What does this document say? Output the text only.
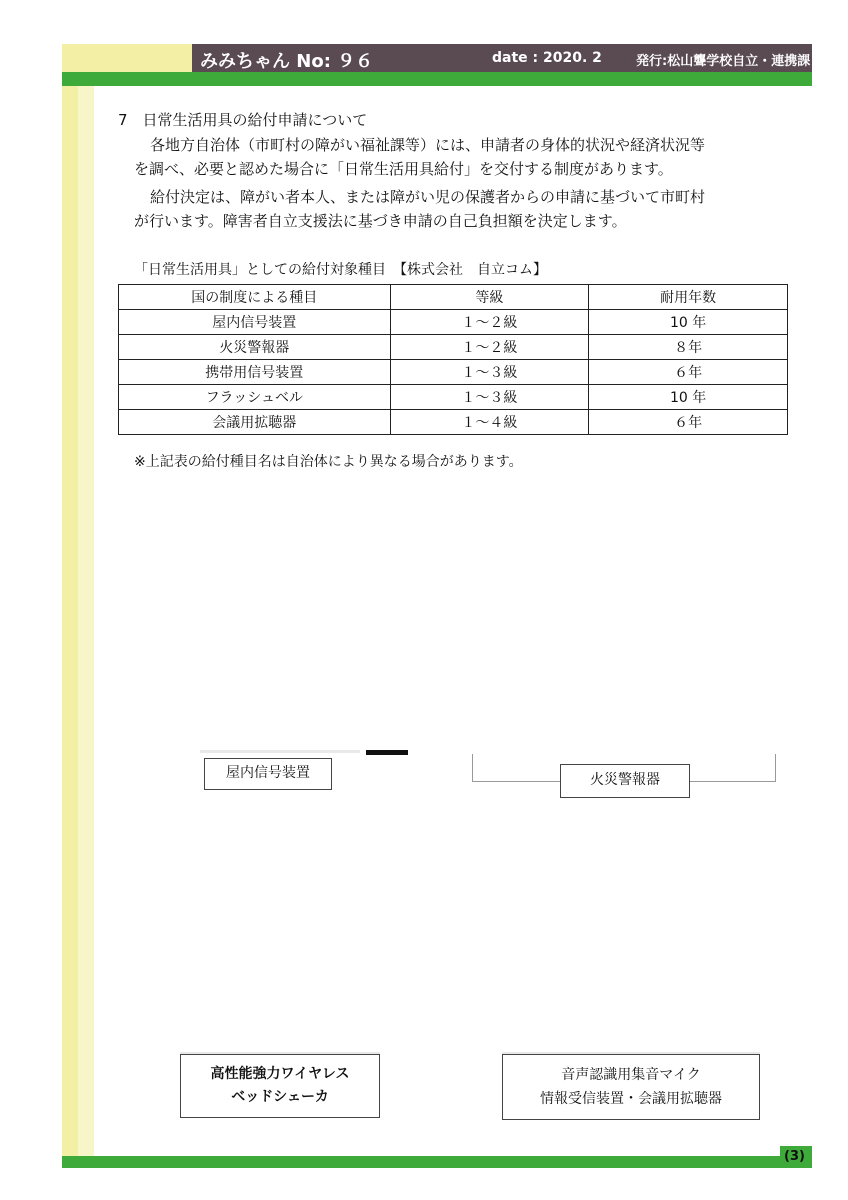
みみちゃん No: ９６	date : 2020. 2	発行:松山聾学校自立・連携課
7　日常生活用具の給付申請について
各地方自治体（市町村の障がい福祉課等）には、申請者の身体的状況や経済状況等
を調べ、必要と認めた場合に「日常生活用具給付」を交付する制度があります。
給付決定は、障がい者本人、または障がい児の保護者からの申請に基づいて市町村
が行います。障害者自立支援法に基づき申請の自己負担額を決定します。
「日常生活用具」としての給付対象種目　【株式会社　自立コム】
国の制度による種目	等級	耐用年数
屋内信号装置	１～２級	10 年
火災警報器	１～２級	８年
携帯用信号装置	１～３級	６年
フラッシュベル	１～３級	10 年
会議用拡聴器	１～４級	６年
※上記表の給付種目名は自治体により異なる場合があります。
屋内信号装置	火災警報器
高性能強力ワイヤレス
ベッドシェーカ
音声認識用集音マイク
情報受信装置・会議用拡聴器
(3)
